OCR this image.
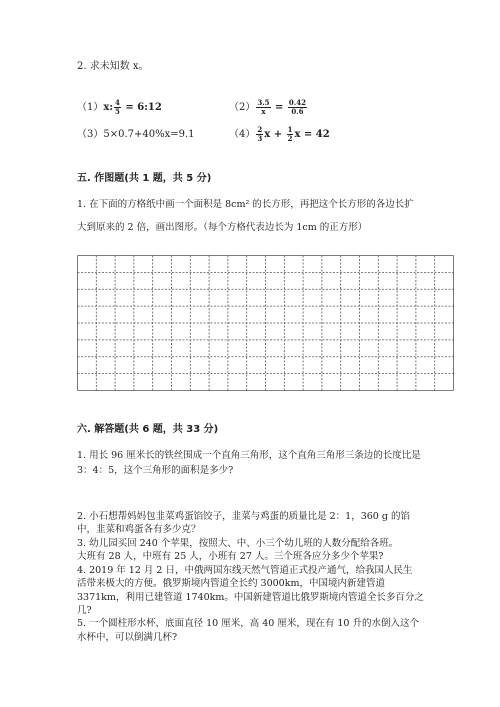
2. 求未知数 x。
（1）x: $\frac{4}{5}$ = 6:12	$(2) \frac{3.5}{x} = \frac{0.42}{0.6}$
（3）5×0.7+40%x=9.1	$(4) \frac{2}{3}$ $x + \frac{1}{2}$ x = 42
五. 作图题(共 1 题，共 5 分)
1. 在下面的方格纸中画一个面积是 8cm² 的长方形，再把这个长方形的各边长扩
大到原来的 2 倍，画出图形。（每个方格代表边长为 1cm 的正方形）
六. 解答题(共 6 题，共 33 分)
1. 用长 96 厘米长的铁丝围成一个直角三角形，这个直角三角形三条边的长度比是
3：4：5，这个三角形的面积是多少?
2. 小石想帮妈妈包韭菜鸡蛋馅饺子，韭菜与鸡蛋的质量比是 2：1，360 g 的馅
中，韭菜和鸡蛋各有多少克？
3. 幼儿园买回 240 个苹果，按照大、中、小三个幼儿班的人数分配给各班。
大班有 28 人，中班有 25 人，小班有 27 人。三个班各应分多少个苹果?
4. 2019 年 12 月 2 日，中俄两国东线天然气管道正式投产通气，给我国人民生
活带来极大的方便。俄罗斯境内管道全长约 3000km，中国境内新建管道
3371km，利用已建管道 1740km。中国新建管道比俄罗斯境内管道全长多百分之
几?
5. 一个圆柱形水杯，底面直径 10 厘米，高 40 厘米，现在有 10 升的水倒入这个
水杯中，可以倒满几杯?
